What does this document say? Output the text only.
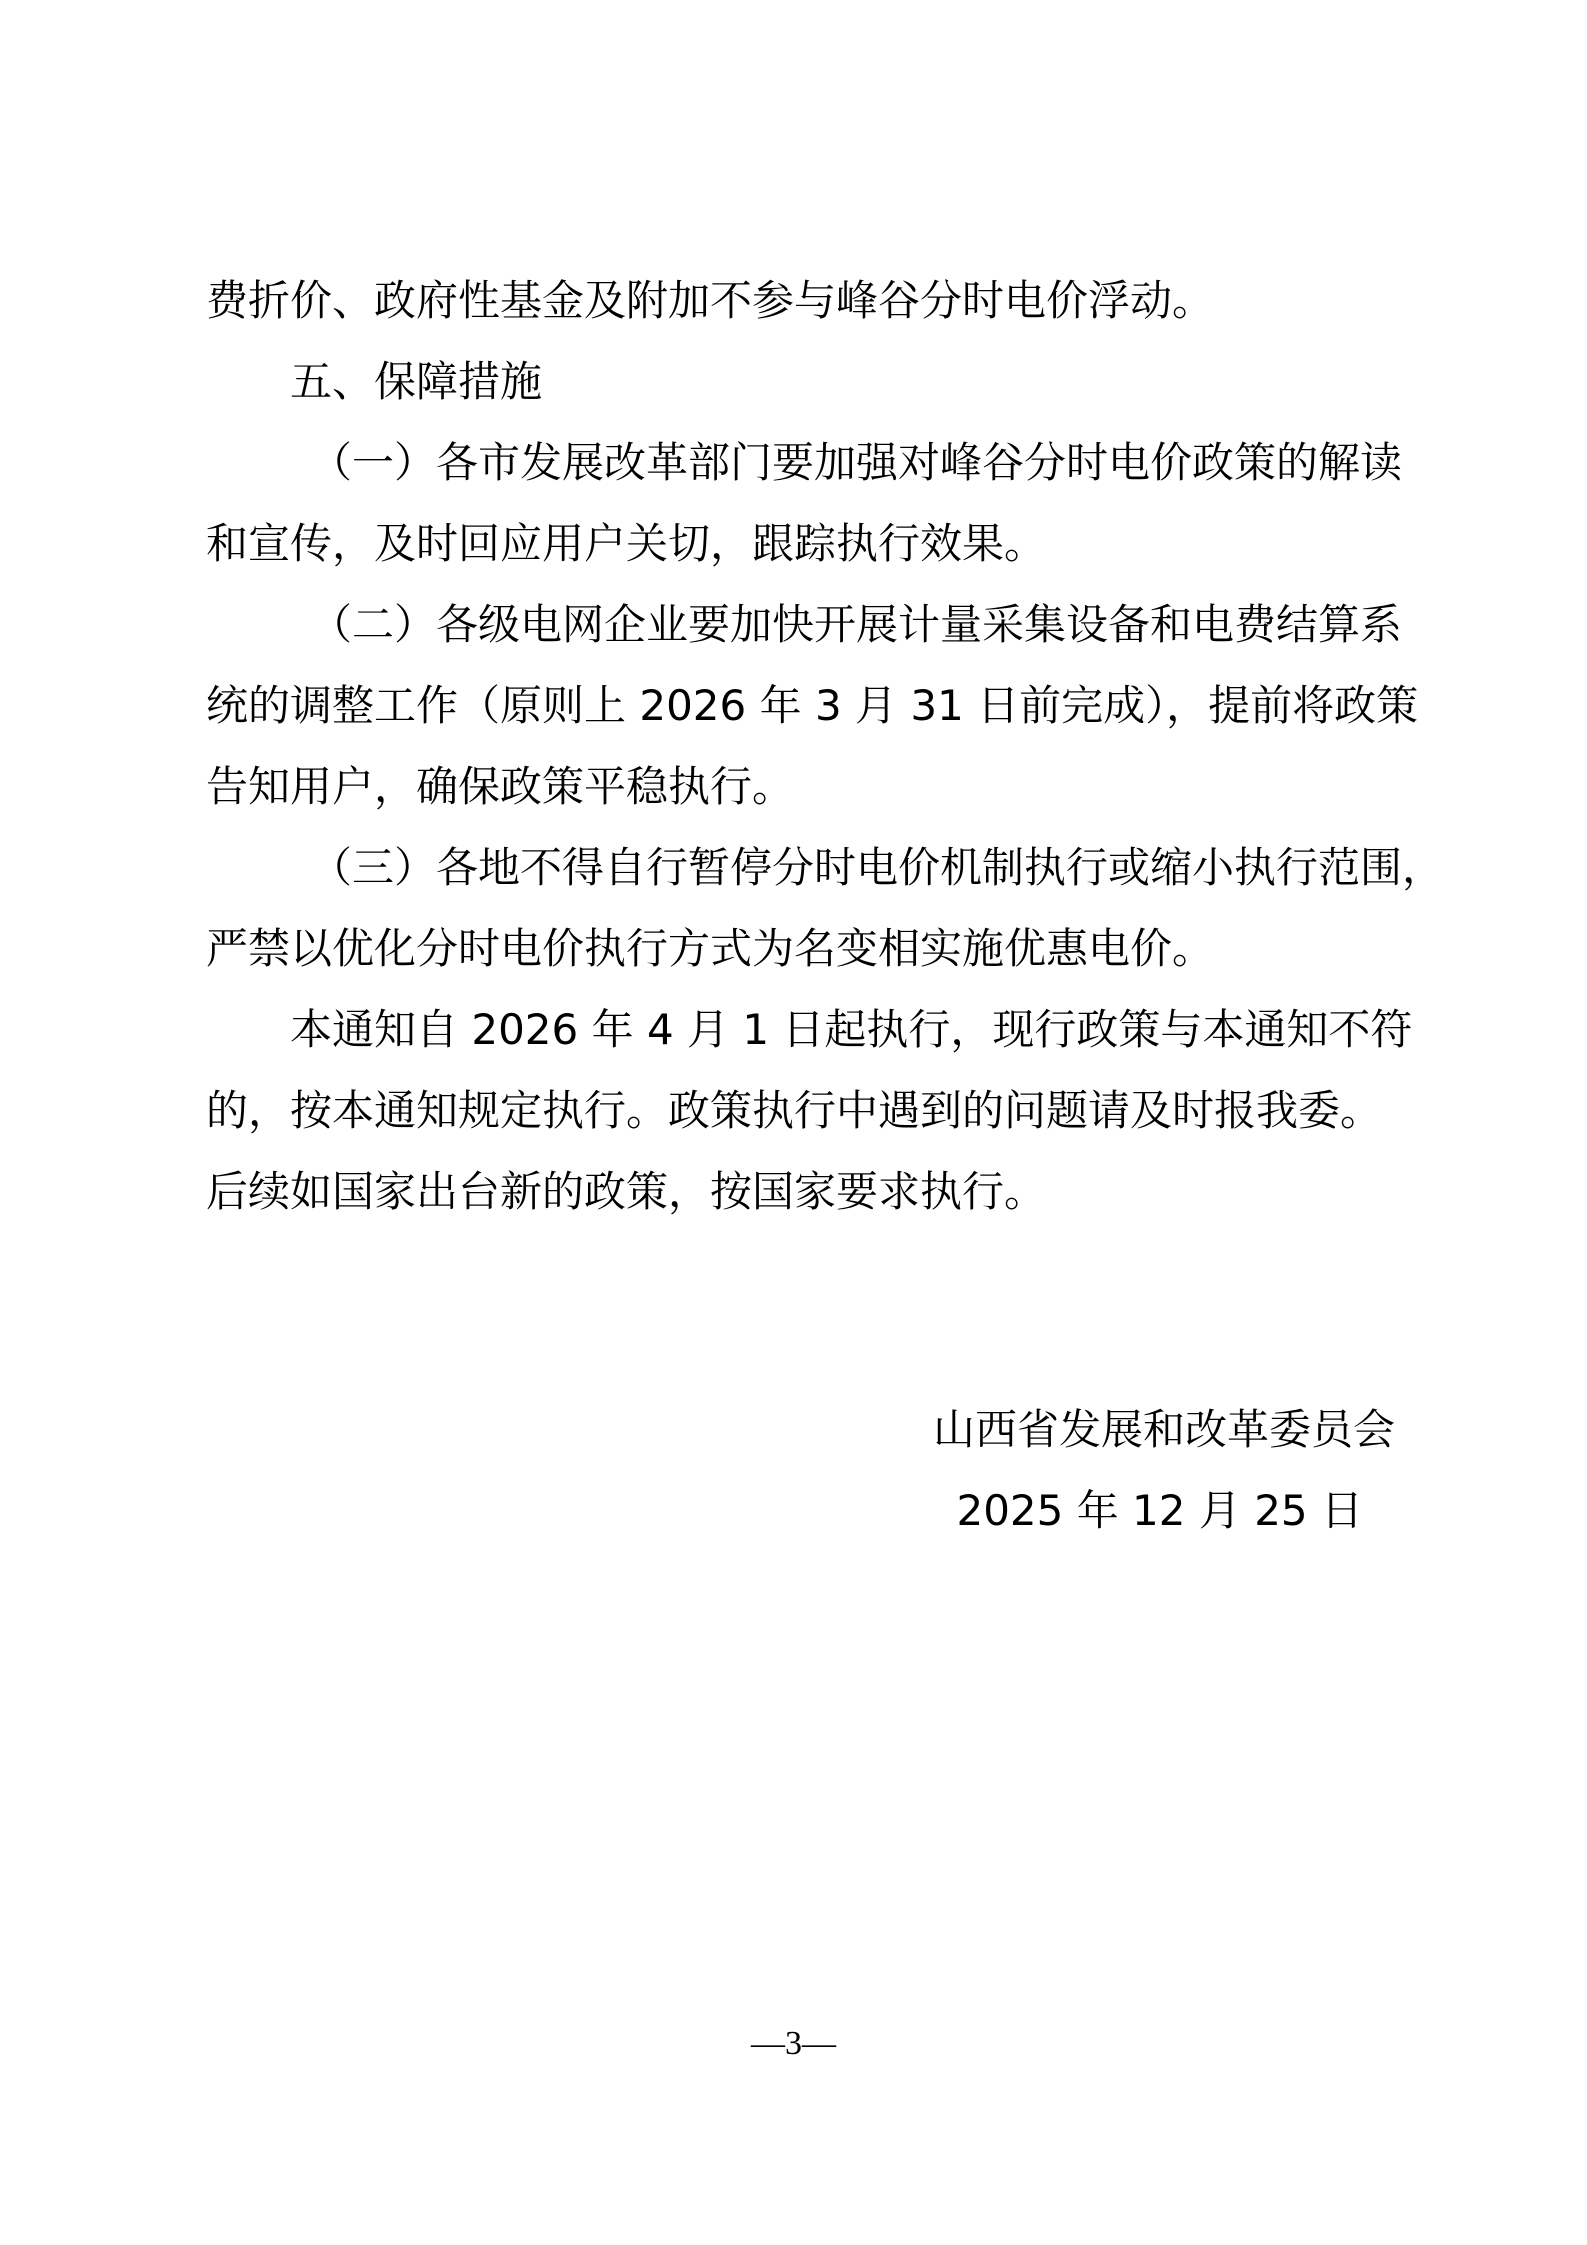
费折价、政府性基金及附加不参与峰谷分时电价浮动。

五、保障措施

（一）各市发展改革部门要加强对峰谷分时电价政策的解读

和宣传，及时回应用户关切，跟踪执行效果。

（二）各级电网企业要加快开展计量采集设备和电费结算系

统的调整工作（原则上 2026 年 3 月 31 日前完成），提前将政策

告知用户，确保政策平稳执行。

（三）各地不得自行暂停分时电价机制执行或缩小执行范围，

严禁以优化分时电价执行方式为名变相实施优惠电价。

本通知自 2026 年 4 月 1 日起执行，现行政策与本通知不符

的，按本通知规定执行。政策执行中遇到的问题请及时报我委。

后续如国家出台新的政策，按国家要求执行。

山西省发展和改革委员会
2025 年 12 月 25 日
—3—
